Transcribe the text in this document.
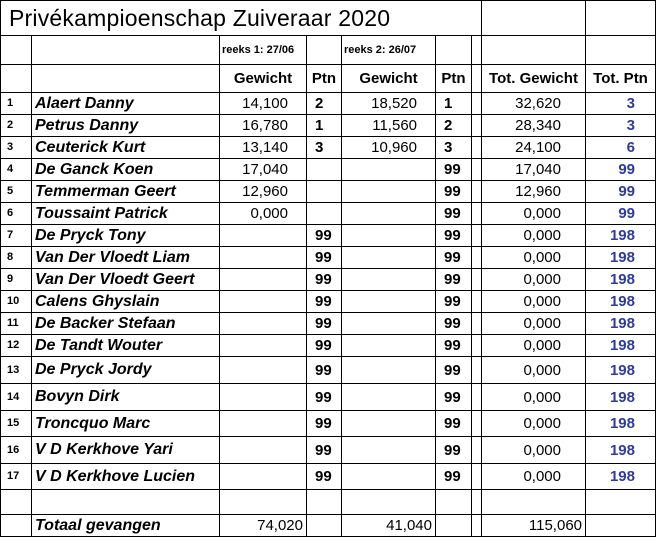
Privékampioenschap Zuiveraar 2020								
		reeks 1: 27/06		reeks 2: 26/07				
		Gewicht	Ptn	Gewicht	Ptn		Tot. Gewicht	Tot. Ptn
1	Alaert Danny	14,100	2	18,520	1		32,620	3
2	Petrus Danny	16,780	1	11,560	2		28,340	3
3	Ceuterick Kurt	13,140	3	10,960	3		24,100	6
4	De Ganck Koen	17,040			99		17,040	99
5	Temmerman Geert	12,960			99		12,960	99
6	Toussaint Patrick	0,000			99		0,000	99
7	De Pryck Tony		99		99		0,000	198
8	Van Der Vloedt Liam		99		99		0,000	198
9	Van Der Vloedt Geert		99		99		0,000	198
10	Calens Ghyslain		99		99		0,000	198
11	De Backer Stefaan		99		99		0,000	198
12	De Tandt Wouter		99		99		0,000	198
13	De Pryck Jordy		99		99		0,000	198
14	Bovyn Dirk		99		99		0,000	198
15	Troncquo Marc		99		99		0,000	198
16	V D Kerkhove Yari		99		99		0,000	198
17	V D Kerkhove Lucien		99		99		0,000	198

	Totaal gevangen	74,020		41,040			115,060	
